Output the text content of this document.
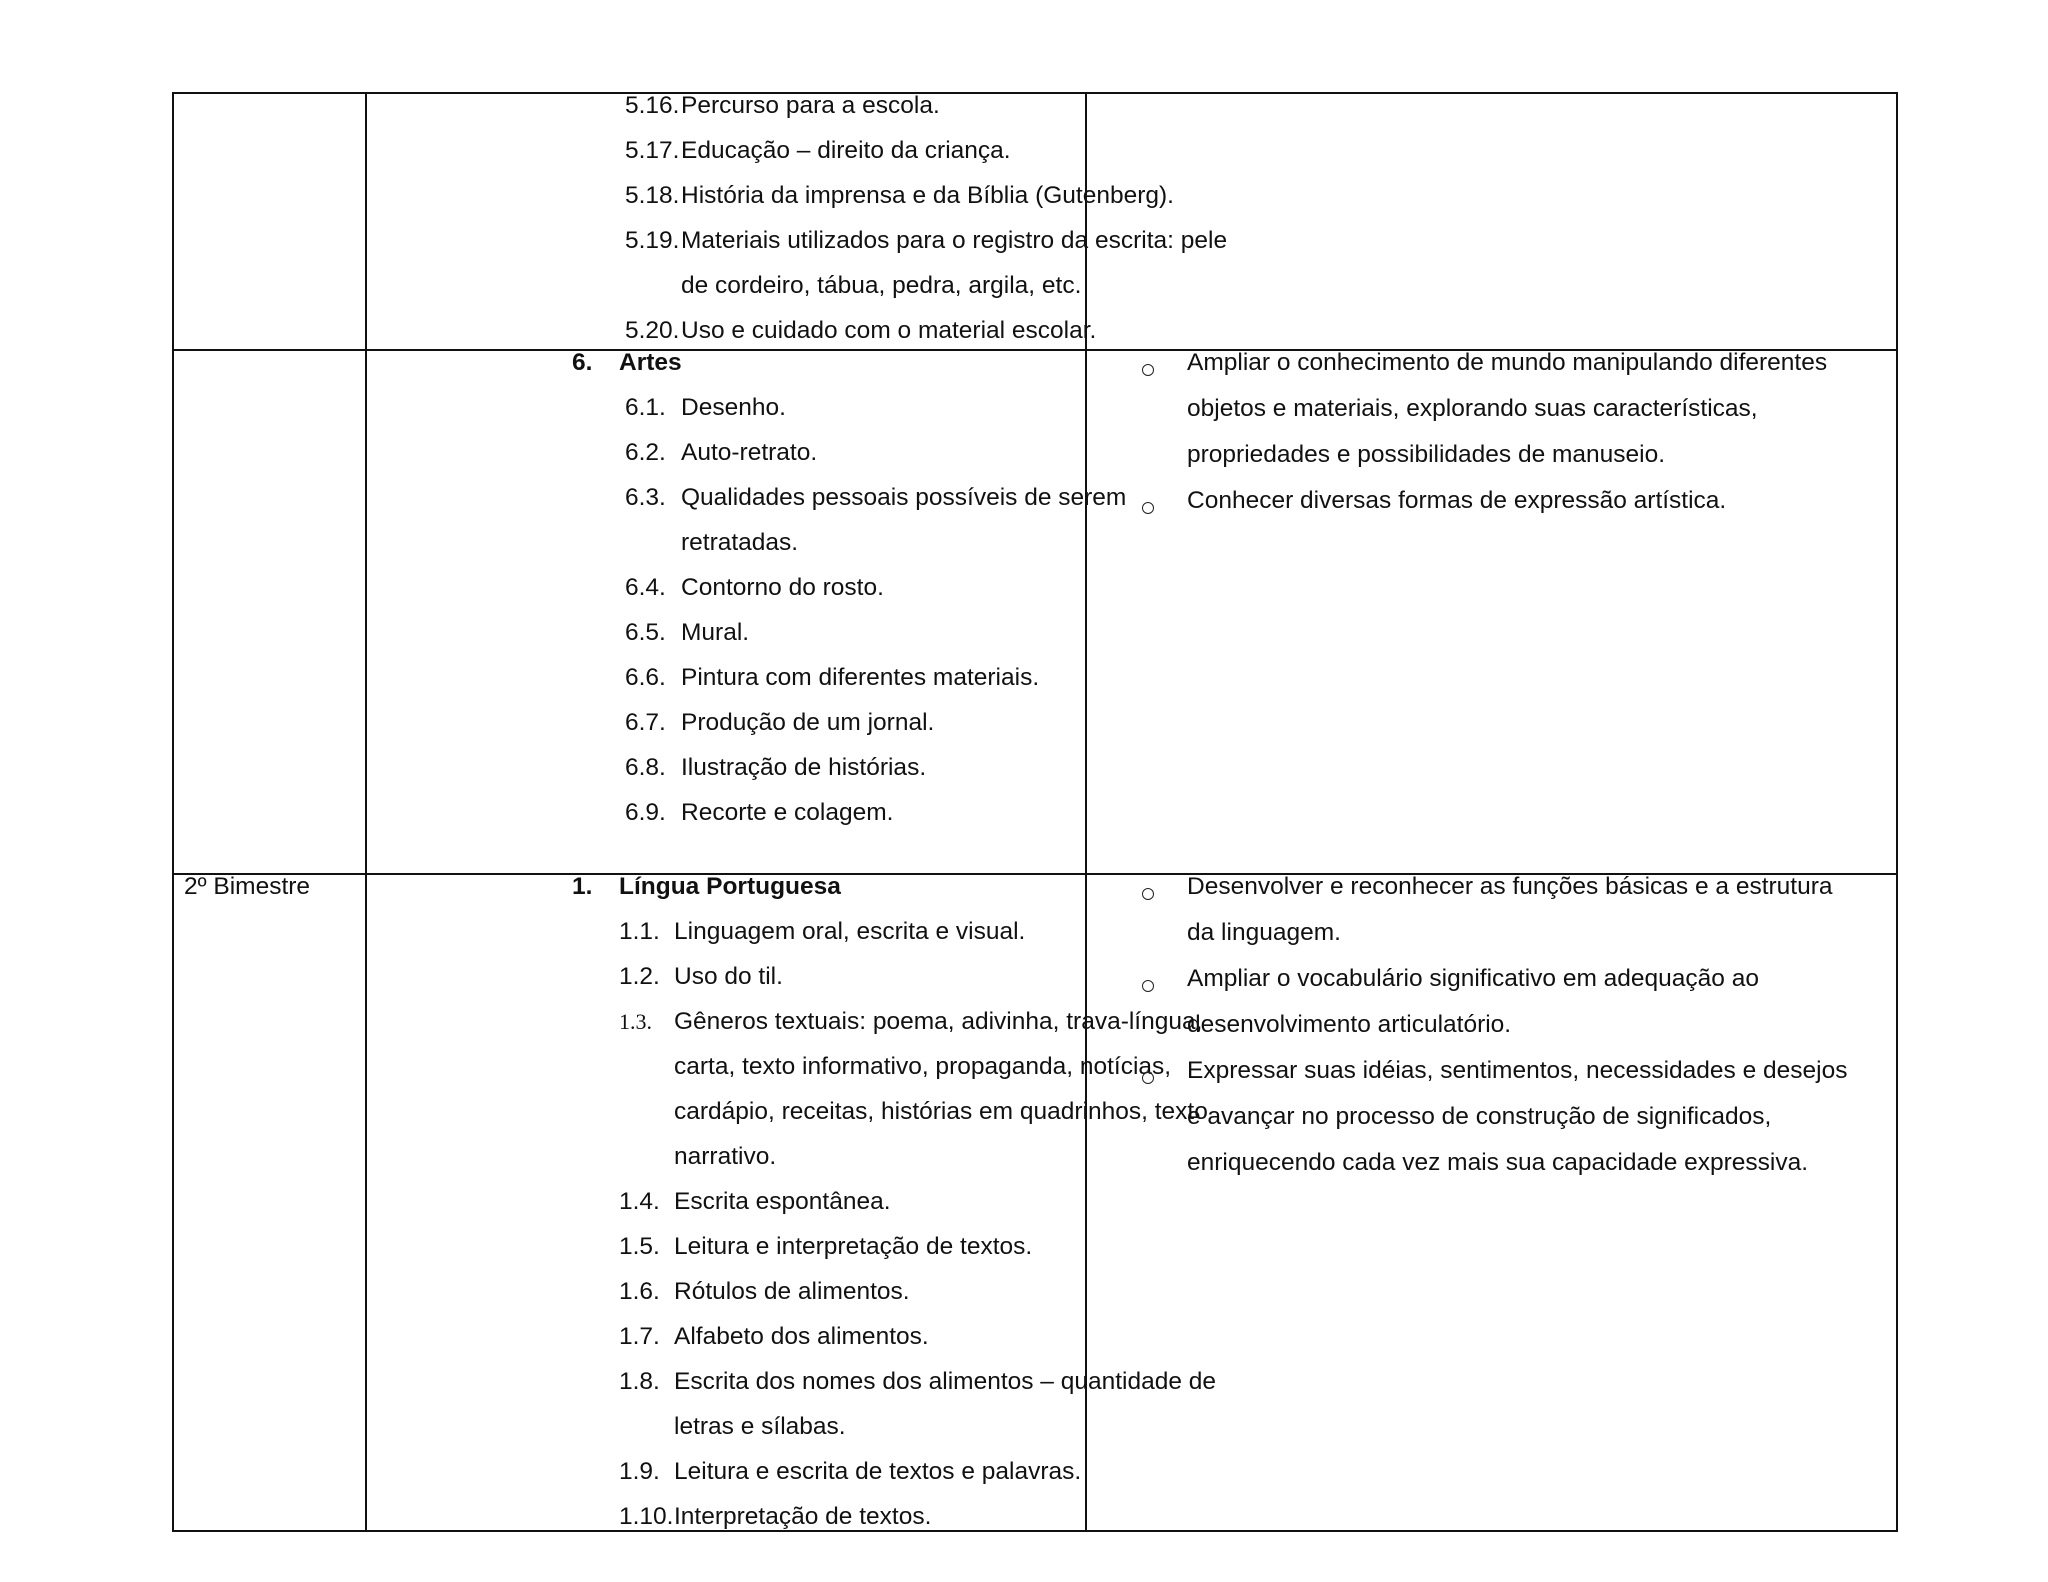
5.16. Percurso para a escola.
5.17. Educação – direito da criança.
5.18. História da imprensa e da Bíblia (Gutenberg).
5.19. Materiais utilizados para o registro da escrita: pele
de cordeiro, tábua, pedra, argila, etc.
5.20. Uso e cuidado com o material escolar.
6. Artes
6.1. Desenho.
6.2. Auto-retrato.
6.3. Qualidades pessoais possíveis de serem
retratadas.
6.4. Contorno do rosto.
6.5. Mural.
6.6. Pintura com diferentes materiais.
6.7. Produção de um jornal.
6.8. Ilustração de histórias.
6.9. Recorte e colagem.
Ampliar o conhecimento de mundo manipulando diferentes
objetos e materiais, explorando suas características,
propriedades e possibilidades de manuseio.
Conhecer diversas formas de expressão artística.
2º Bimestre	1. Língua Portuguesa
1.1. Linguagem oral, escrita e visual.
1.2. Uso do til.
1.3. Gêneros textuais: poema, adivinha, trava-língua,
carta, texto informativo, propaganda, notícias,
cardápio, receitas, histórias em quadrinhos, texto
narrativo.
1.4. Escrita espontânea.
1.5. Leitura e interpretação de textos.
1.6. Rótulos de alimentos.
1.7. Alfabeto dos alimentos.
1.8. Escrita dos nomes dos alimentos – quantidade de
letras e sílabas.
1.9. Leitura e escrita de textos e palavras.
1.10. Interpretação de textos.
Desenvolver e reconhecer as funções básicas e a estrutura
da linguagem.
Ampliar o vocabulário significativo em adequação ao
desenvolvimento articulatório.
Expressar suas idéias, sentimentos, necessidades e desejos
e avançar no processo de construção de significados,
enriquecendo cada vez mais sua capacidade expressiva.
